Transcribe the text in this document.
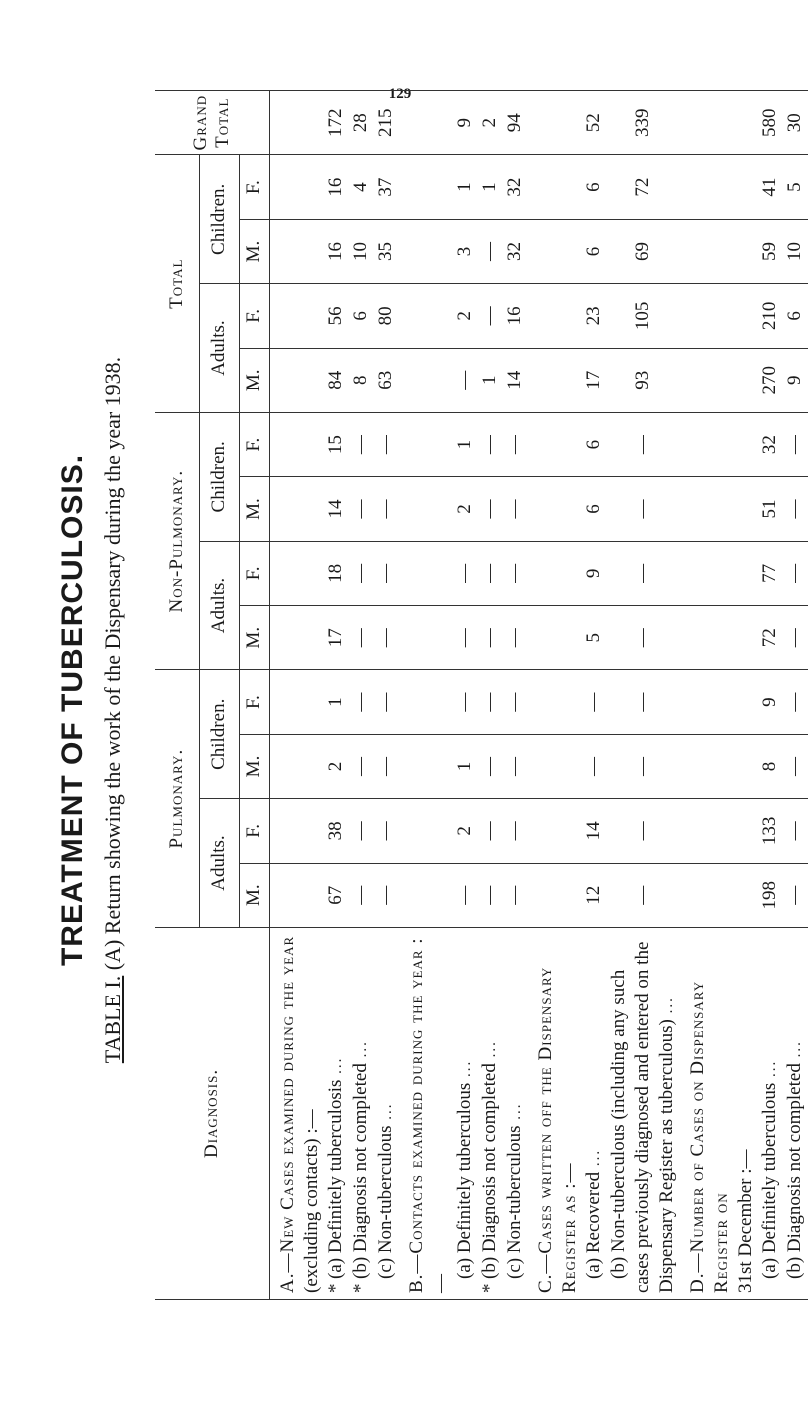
129
TREATMENT OF TUBERCULOSIS.
TABLE I. (A) Return showing the work of the Dispensary during the year 1938.
Diagnosis.	Pulmonary.				Non-Pulmonary.				Total				Grand Total
	Adults.		Children.		Adults.		Children.		Adults.		Children.		
	M.	F.	M.	F.	M.	F.	M.	F.	M.	F.	M.	F.	
A.—New Cases examined during the year (excluding contacts) :—													
*(a) Definitely tuberculosis ...	67	38	2	1	17	18	14	15	84	56	16	16	172
*(b) Diagnosis not completed ...	—	—	—	—	—	—	—	—	8	6	10	4	28
(c) Non-tuberculous ...	—	—	—	—	—	—	—	—	63	80	35	37	215
B.—Contacts examined during the year :—													
(a) Definitely tuberculous ...	—	2	1	—	—	—	2	1	—	2	3	1	9
*(b) Diagnosis not completed ...	—	—	—	—	—	—	—	—	1	—	—	1	2
(c) Non-tuberculous ...	—	—	—	—	—	—	—	—	14	16	32	32	94
C.—Cases written off the Dispensary Register as :—													
(a) Recovered ...	12	14	—	—	5	9	6	6	17	23	6	6	52
(b) Non-tuberculous (including any such cases previously diagnosed and entered on the Dispensary Register as tuberculous) ...	—	—	—	—	—	—	—	—	93	105	69	72	339
D.—Number of Cases on Dispensary Register on 31st December :—													
(a) Definitely tuberculous ...	198	133	8	9	72	77	51	32	270	210	59	41	580
(b) Diagnosis not completed ...	—	—	—	—	—	—	—	—	9	6	10	5	30
